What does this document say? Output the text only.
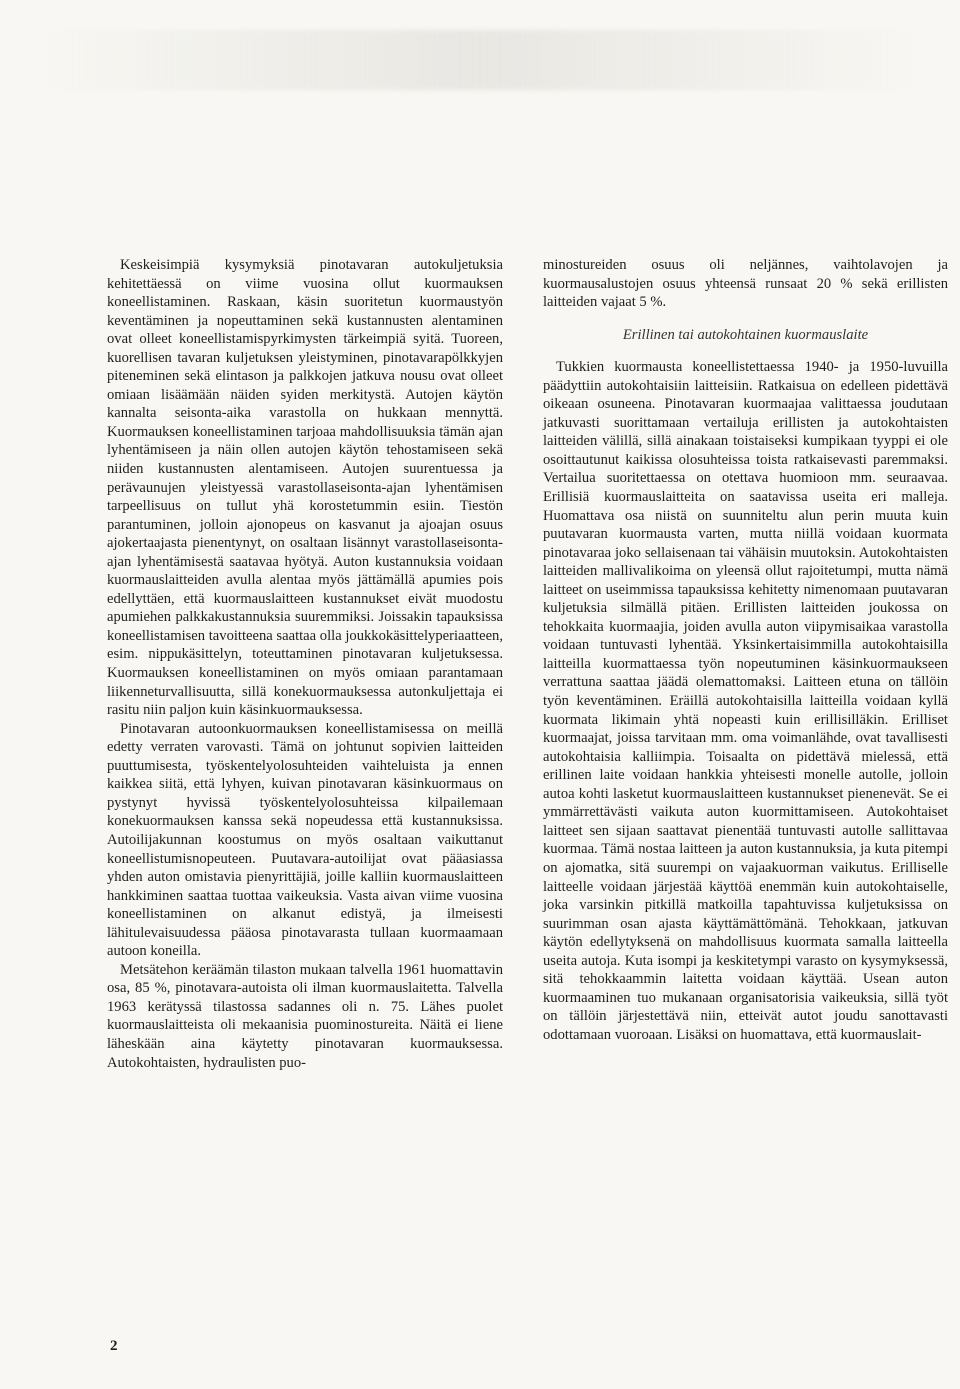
Keskeisimpiä kysymyksiä pinotavaran autokuljetuksia kehitettäessä on viime vuosina ollut kuormauksen koneellistaminen. Raskaan, käsin suoritetun kuormaustyön keventäminen ja nopeuttaminen sekä kustannusten alentaminen ovat olleet koneellistamispyrkimysten tärkeimpiä syitä. Tuoreen, kuorellisen tavaran kuljetuksen yleistyminen, pinotavarapölkkyjen piteneminen sekä elintason ja palkkojen jatkuva nousu ovat olleet omiaan lisäämään näiden syiden merkitystä. Autojen käytön kannalta seisonta-aika varastolla on hukkaan mennyttä. Kuormauksen koneellistaminen tarjoaa mahdollisuuksia tämän ajan lyhentämiseen ja näin ollen autojen käytön tehostamiseen sekä niiden kustannusten alentamiseen. Autojen suurentuessa ja perävaunujen yleistyessä varastollaseisonta-ajan lyhentämisen tarpeellisuus on tullut yhä korostetummin esiin. Tiestön parantuminen, jolloin ajonopeus on kasvanut ja ajoajan osuus ajokertaajasta pienentynyt, on osaltaan lisännyt varastollaseisonta-ajan lyhentämisestä saatavaa hyötyä. Auton kustannuksia voidaan kuormauslaitteiden avulla alentaa myös jättämällä apumies pois edellyttäen, että kuormauslaitteen kustannukset eivät muodostu apumiehen palkkakustannuksia suuremmiksi. Joissakin tapauksissa koneellistamisen tavoitteena saattaa olla joukkokäsittelyperiaatteen, esim. nippukäsittelyn, toteuttaminen pinotavaran kuljetuksessa. Kuormauksen koneellistaminen on myös omiaan parantamaan liikenneturvallisuutta, sillä konekuormauksessa autonkuljettaja ei rasitu niin paljon kuin käsinkuormauksessa.

Pinotavaran autoonkuormauksen koneellistamisessa on meillä edetty verraten varovasti. Tämä on johtunut sopivien laitteiden puuttumisesta, työskentelyolosuhteiden vaihteluista ja ennen kaikkea siitä, että lyhyen, kuivan pinotavaran käsinkuormaus on pystynyt hyvissä työskentelyolosuhteissa kilpailemaan konekuormauksen kanssa sekä nopeudessa että kustannuksissa. Autoilijakunnan koostumus on myös osaltaan vaikuttanut koneellistumisnopeuteen. Puutavara-autoilijat ovat pääasiassa yhden auton omistavia pienyrittäjiä, joille kalliin kuormauslaitteen hankkiminen saattaa tuottaa vaikeuksia. Vasta aivan viime vuosina koneellistaminen on alkanut edistyä, ja ilmeisesti lähitulevaisuudessa pääosa pinotavarasta tullaan kuormaamaan autoon koneilla.

Metsätehon keräämän tilaston mukaan talvella 1961 huomattavin osa, 85 %, pinotavara-autoista oli ilman kuormauslaitetta. Talvella 1963 kerätyssä tilastossa sadannes oli n. 75. Lähes puolet kuormauslaitteista oli mekaanisia puominostureita. Näitä ei liene läheskään aina käytetty pinotavaran kuormauksessa. Autokohtaisten, hydraulisten puo-

minostureiden osuus oli neljännes, vaihtolavojen ja kuormausalustojen osuus yhteensä runsaat 20 % sekä erillisten laitteiden vajaat 5 %.

Erillinen tai autokohtainen kuormauslaite

Tukkien kuormausta koneellistettaessa 1940- ja 1950-luvuilla päädyttiin autokohtaisiin laitteisiin. Ratkaisua on edelleen pidettävä oikeaan osuneena. Pinotavaran kuormaajaa valittaessa joudutaan jatkuvasti suorittamaan vertailuja erillisten ja autokohtaisten laitteiden välillä, sillä ainakaan toistaiseksi kumpikaan tyyppi ei ole osoittautunut kaikissa olosuhteissa toista ratkaisevasti paremmaksi. Vertailua suoritettaessa on otettava huomioon mm. seuraavaa. Erillisiä kuormauslaitteita on saatavissa useita eri malleja. Huomattava osa niistä on suunniteltu alun perin muuta kuin puutavaran kuormausta varten, mutta niillä voidaan kuormata pinotavaraa joko sellaisenaan tai vähäisin muutoksin. Autokohtaisten laitteiden mallivalikoima on yleensä ollut rajoitetumpi, mutta nämä laitteet on useimmissa tapauksissa kehitetty nimenomaan puutavaran kuljetuksia silmällä pitäen. Erillisten laitteiden joukossa on tehokkaita kuormaajia, joiden avulla auton viipymisaikaa varastolla voidaan tuntuvasti lyhentää. Yksinkertaisimmilla autokohtaisilla laitteilla kuormattaessa työn nopeutuminen käsinkuormaukseen verrattuna saattaa jäädä olemattomaksi. Laitteen etuna on tällöin työn keventäminen. Eräillä autokohtaisilla laitteilla voidaan kyllä kuormata likimain yhtä nopeasti kuin erillisilläkin. Erilliset kuormaajat, joissa tarvitaan mm. oma voimanlähde, ovat tavallisesti autokohtaisia kalliimpia. Toisaalta on pidettävä mielessä, että erillinen laite voidaan hankkia yhteisesti monelle autolle, jolloin autoa kohti lasketut kuormauslaitteen kustannukset pienenevät. Se ei ymmärrettävästi vaikuta auton kuormittamiseen. Autokohtaiset laitteet sen sijaan saattavat pienentää tuntuvasti autolle sallittavaa kuormaa. Tämä nostaa laitteen ja auton kustannuksia, ja kuta pitempi on ajomatka, sitä suurempi on vajaakuorman vaikutus. Erilliselle laitteelle voidaan järjestää käyttöä enemmän kuin autokohtaiselle, joka varsinkin pitkillä matkoilla tapahtuvissa kuljetuksissa on suurimman osan ajasta käyttämättömänä. Tehokkaan, jatkuvan käytön edellytyksenä on mahdollisuus kuormata samalla laitteella useita autoja. Kuta isompi ja keskitetympi varasto on kysymyksessä, sitä tehokkaammin laitetta voidaan käyttää. Usean auton kuormaaminen tuo mukanaan organisatorisia vaikeuksia, sillä työt on tällöin järjestettävä niin, etteivät autot joudu sanottavasti odottamaan vuoroaan. Lisäksi on huomattava, että kuormauslait-

2
